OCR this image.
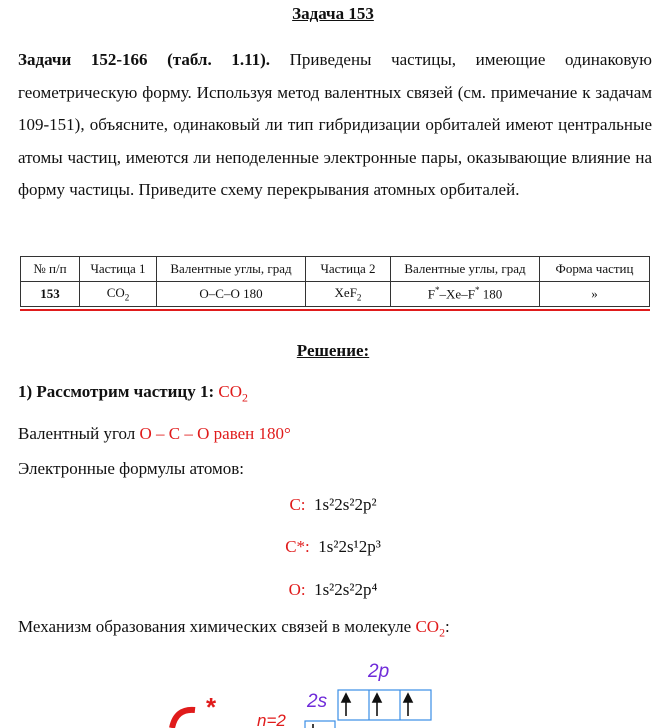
Задача 153
Задачи 152-166 (табл. 1.11). Приведены частицы, имеющие одинаковую геометрическую форму. Используя метод валентных связей (см. примечание к задачам 109-151), объясните, одинаковый ли тип гибридизации орбиталей имеют центральные атомы частиц, имеются ли неподеленные электронные пары, оказывающие влияние на форму частицы. Приведите схему перекрывания атомных орбиталей.
№ п/п	Частица 1	Валентные углы, град	Частица 2	Валентные углы, град	Форма частиц
153	$CO_2$	O–C–O 180	XeF$_2$	F*–Xe–F* 180	»
Решение:
1) Рассмотрим частицу 1: $CO_2$
Валентный угол О – С – О равен 180°
Электронные формулы атомов:
С: 1s²2s²2p²
С*: 1s²2s¹2p³
О: 1s²2s²2p⁴
Механизм образования химических связей в молекуле $CO_2$:
2p
2s
n=2
*
